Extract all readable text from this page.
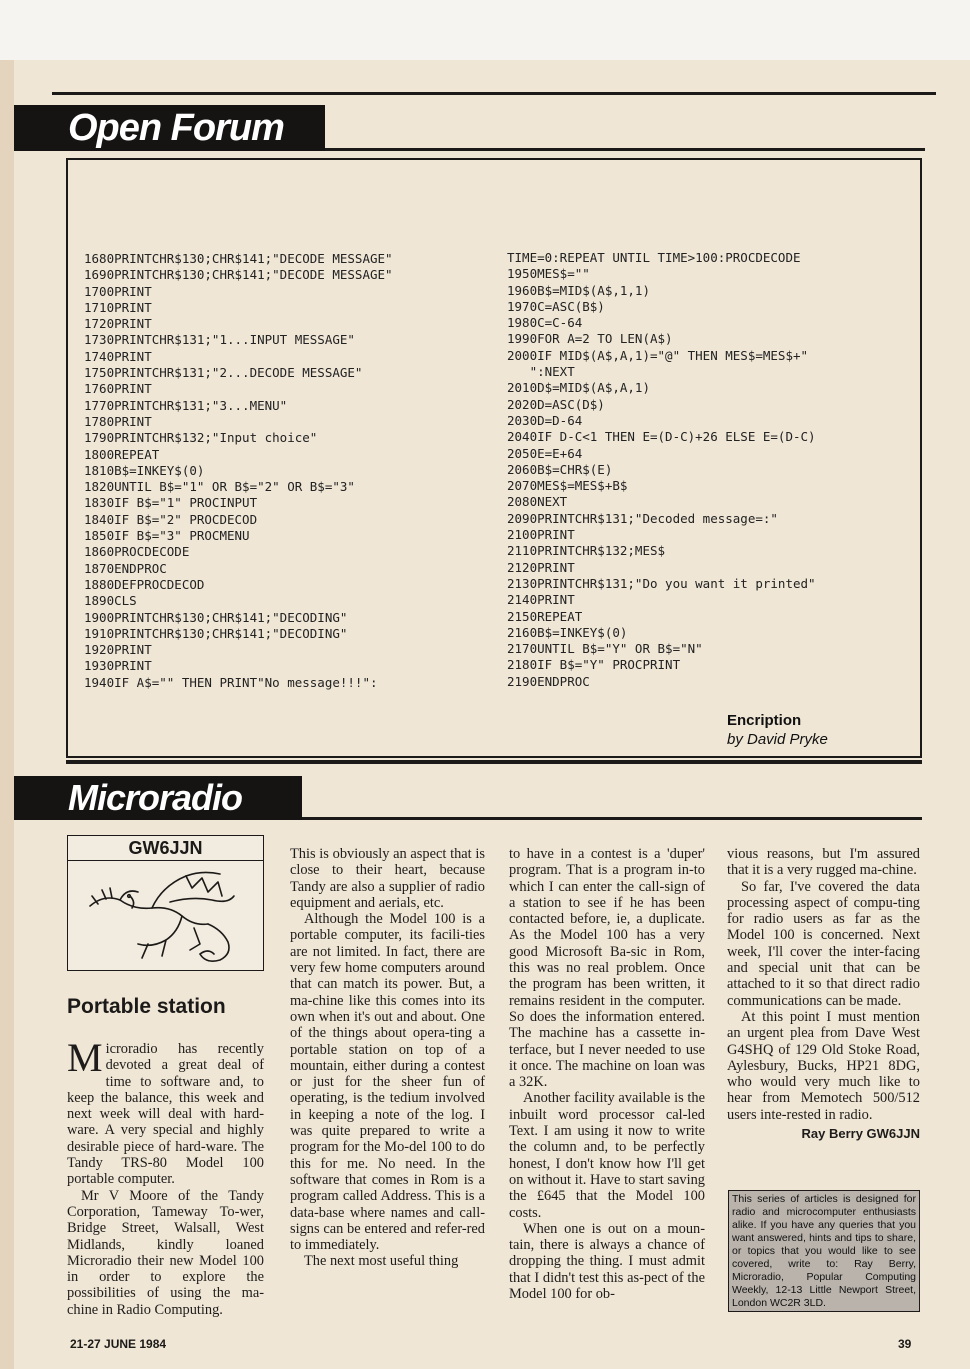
Open Forum
1680PRINTCHR$130;CHR$141;"DECODE MESSAGE"
1690PRINTCHR$130;CHR$141;"DECODE MESSAGE"
1700PRINT
1710PRINT
1720PRINT
1730PRINTCHR$131;"1...INPUT MESSAGE"
1740PRINT
1750PRINTCHR$131;"2...DECODE MESSAGE"
1760PRINT
1770PRINTCHR$131;"3...MENU"
1780PRINT
1790PRINTCHR$132;"Input choice"
1800REPEAT
1810B$=INKEY$(0)
1820UNTIL B$="1" OR B$="2" OR B$="3"
1830IF B$="1" PROCINPUT
1840IF B$="2" PROCDECOD
1850IF B$="3" PROCMENU
1860PROCDECODE
1870ENDPROC
1880DEFPROCDECOD
1890CLS
1900PRINTCHR$130;CHR$141;"DECODING"
1910PRINTCHR$130;CHR$141;"DECODING"
1920PRINT
1930PRINT
1940IF A$="" THEN PRINT"No message!!!":
TIME=0:REPEAT UNTIL TIME>100:PROCDECODE
1950MES$=""
1960B$=MID$(A$,1,1)
1970C=ASC(B$)
1980C=C-64
1990FOR A=2 TO LEN(A$)
2000IF MID$(A$,A,1)="@" THEN MES$=MES$+"
":NEXT
2010D$=MID$(A$,A,1)
2020D=ASC(D$)
2030D=D-64
2040IF D-C<1 THEN E=(D-C)+26 ELSE E=(D-C)
2050E=E+64
2060B$=CHR$(E)
2070MES$=MES$+B$
2080NEXT
2090PRINTCHR$131;"Decoded message=:"
2100PRINT
2110PRINTCHR$132;MES$
2120PRINT
2130PRINTCHR$131;"Do you want it printed"
2140PRINT
2150REPEAT
2160B$=INKEY$(0)
2170UNTIL B$="Y" OR B$="N"
2180IF B$="Y" PROCPRINT
2190ENDPROC
Encription
by David Pryke
Microradio
GW6JJN
Portable station

Microradio has recently devoted a great deal of time to software and, to keep the balance, this week and next week will deal with hard-ware. A very special and highly desirable piece of hard-ware. The Tandy TRS-80 Model 100 portable computer.

Mr V Moore of the Tandy Corporation, Tameway To-wer, Bridge Street, Walsall, West Midlands, kindly loaned Microradio their new Model 100 in order to explore the possibilities of using the ma-chine in Radio Computing.

This is obviously an aspect that is close to their heart, because Tandy are also a supplier of radio equipment and aerials, etc.

Although the Model 100 is a portable computer, its facili-ties are not limited. In fact, there are very few home computers around that can match its power. But, a ma-chine like this comes into its own when it's out and about. One of the things about opera-ting a portable station on top of a mountain, either during a contest or just for the sheer fun of operating, is the tedium involved in keeping a note of the log. I was quite prepared to write a program for the Mo-del 100 to do this for me. No need. In the software that comes in Rom is a program called Address. This is a data-base where names and call-signs can be entered and refer-red to immediately.

The next most useful thing

to have in a contest is a 'duper' program. That is a program in-to which I can enter the call-sign of a station to see if he has been contacted before, ie, a duplicate. As the Model 100 has a very good Microsoft Ba-sic in Rom, this was no real problem. Once the program has been written, it remains resident in the computer. So does the information entered. The machine has a cassette in-terface, but I never needed to use it once. The machine on loan was a 32K.

Another facility available is the inbuilt word processor cal-led Text. I am using it now to write the column and, to be perfectly honest, I don't know how I'll get on without it. Have to start saving the £645 that the Model 100 costs.

When one is out on a moun-tain, there is always a chance of dropping the thing. I must admit that I didn't test this as-pect of the Model 100 for ob-

vious reasons, but I'm assured that it is a very rugged ma-chine.

So far, I've covered the data processing aspect of compu-ting for radio users as far as the Model 100 is concerned. Next week, I'll cover the inter-facing and special unit that can be attached to it so that direct radio communications can be made.

At this point I must mention an urgent plea from Dave West G4SHQ of 129 Old Stoke Road, Aylesbury, Bucks, HP21 8DG, who would very much like to hear from Memotech 500/512 users inte-rested in radio.

Ray Berry GW6JJN
This series of articles is designed for radio and microcomputer enthusiasts alike. If you have any queries that you want answered, hints and tips to share, or topics that you would like to see covered, write to: Ray Berry, Microradio, Popular Computing Weekly, 12-13 Little Newport Street, London WC2R 3LD.
21-27 JUNE 1984	39
